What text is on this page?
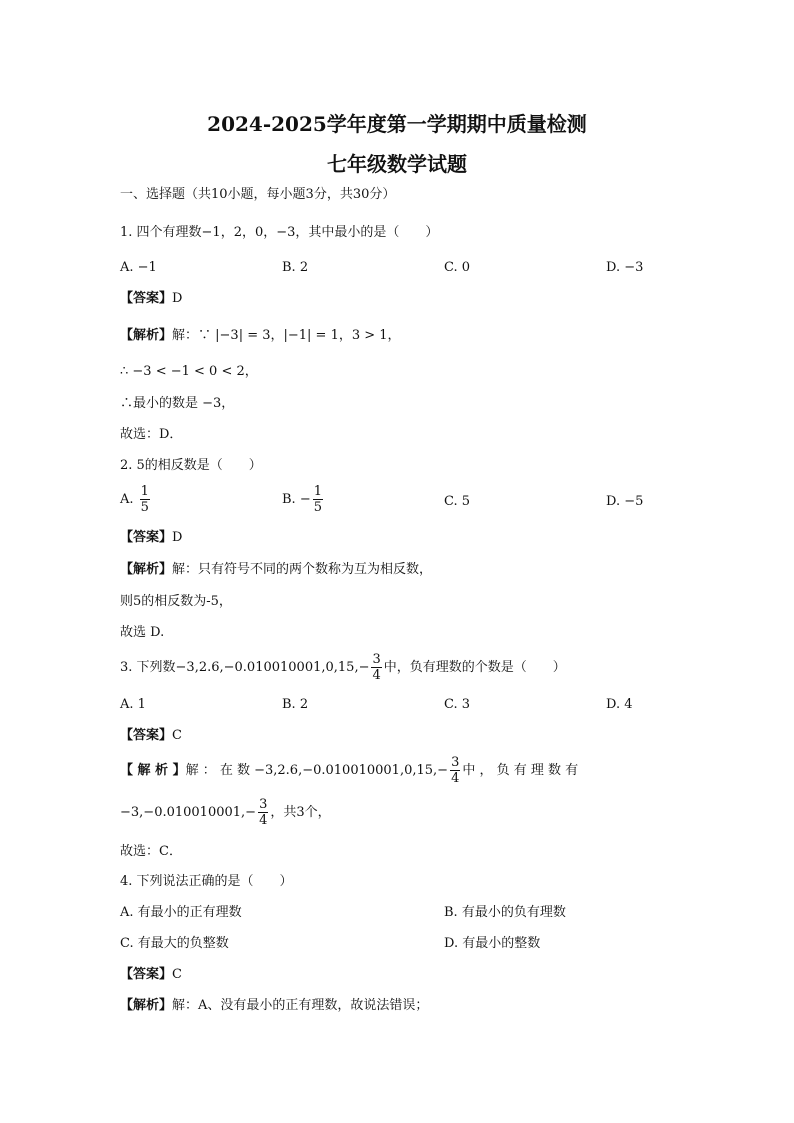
2024-2025学年度第一学期期中质量检测
七年级数学试题
一、选择题（共10小题，每小题3分，共30分）
1. 四个有理数−1，2，0，−3，其中最小的是（　　）
A. −1	B. 2	C. 0	D. −3
【答案】D
【解析】解：∵ |−3| = 3，|−1| = 1，3 > 1，
∴ −3 < −1 < 0 < 2，
∴最小的数是 −3，
故选：D．
2. 5的相反数是（　　）
A. $\frac{1}{5}$	B. − $\frac{1}{5}$	C. 5	D. −5
【答案】D
【解析】解：只有符号不同的两个数称为互为相反数，
则5的相反数为-5，
故选 D.
3. 下列数$-3,2.6,-0.010010001,0,15,- \frac{3}{4}$ 中，负有理数的个数是（　　）
A. 1	B. 2	C. 3	D. 4
【答案】C
【 解 析 】解 ： 在 数 $-3,2.6,-0.010010001,0,15,- \frac{3}{4}$ 中 ， 负 有 理 数 有
$-3,-0.010010001,- \frac{3}{4}$ ，共3个，
故选：C．
4. 下列说法正确的是（　　）
A. 有最小的正有理数	B. 有最小的负有理数
C. 有最大的负整数	D. 有最小的整数
【答案】C
【解析】解：A、没有最小的正有理数，故说法错误；
